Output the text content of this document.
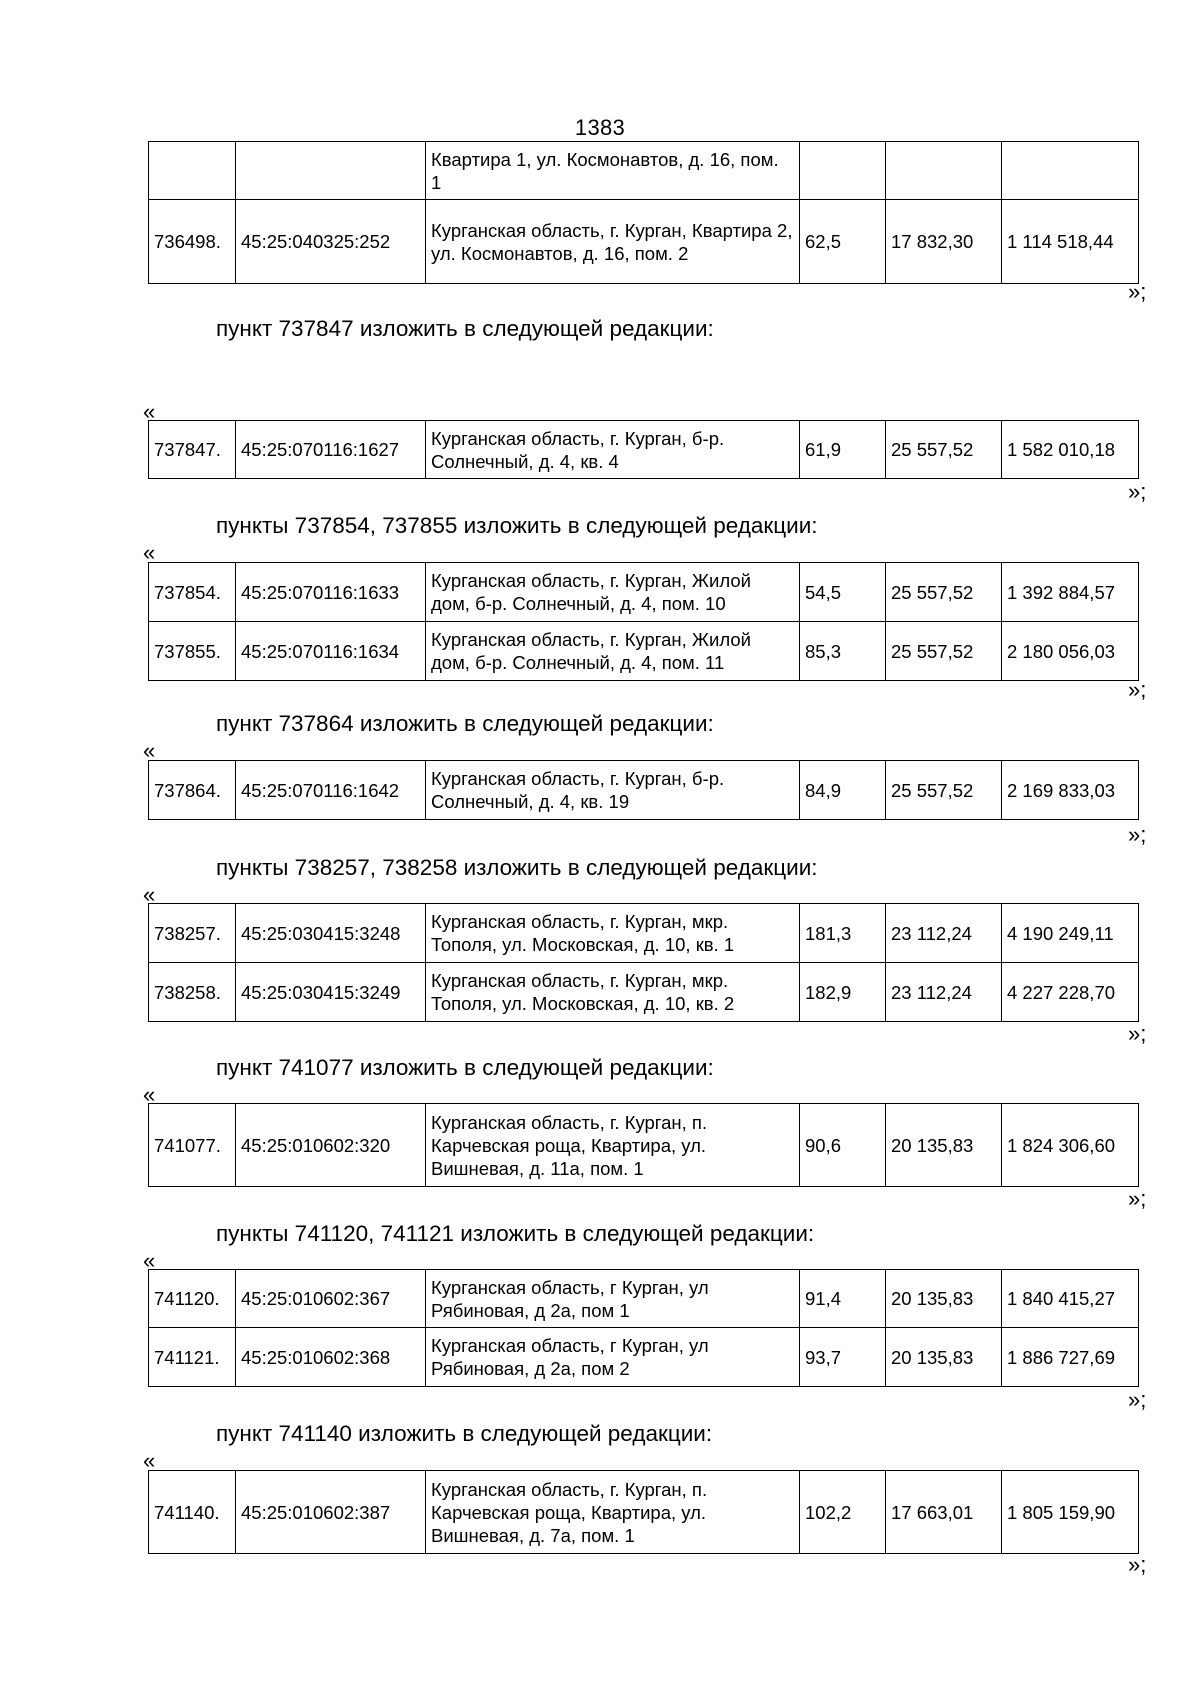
1383
		Квартира 1, ул. Космонавтов, д. 16, пом. 1			
736498.	45:25:040325:252	Курганская область, г. Курган, Квартира 2, ул. Космонавтов, д. 16, пом. 2	62,5	17 832,30	1 114 518,44
»;
пункт 737847 изложить в следующей редакции:
«
737847.	45:25:070116:1627	Курганская область, г. Курган, б-р. Солнечный, д. 4, кв. 4	61,9	25 557,52	1 582 010,18
»;
пункты 737854, 737855 изложить в следующей редакции:
«
737854.	45:25:070116:1633	Курганская область, г. Курган, Жилой дом, б-р. Солнечный, д. 4, пом. 10	54,5	25 557,52	1 392 884,57
737855.	45:25:070116:1634	Курганская область, г. Курган, Жилой дом, б-р. Солнечный, д. 4, пом. 11	85,3	25 557,52	2 180 056,03
»;
пункт 737864 изложить в следующей редакции:
«
737864.	45:25:070116:1642	Курганская область, г. Курган, б-р. Солнечный, д. 4, кв. 19	84,9	25 557,52	2 169 833,03
»;
пункты 738257, 738258 изложить в следующей редакции:
«
738257.	45:25:030415:3248	Курганская область, г. Курган, мкр. Тополя, ул. Московская, д. 10, кв. 1	181,3	23 112,24	4 190 249,11
738258.	45:25:030415:3249	Курганская область, г. Курган, мкр. Тополя, ул. Московская, д. 10, кв. 2	182,9	23 112,24	4 227 228,70
»;
пункт 741077 изложить в следующей редакции:
«
741077.	45:25:010602:320	Курганская область, г. Курган, п. Карчевская роща, Квартира, ул. Вишневая, д. 11а, пом. 1	90,6	20 135,83	1 824 306,60
»;
пункты 741120, 741121 изложить в следующей редакции:
«
741120.	45:25:010602:367	Курганская область, г Курган, ул Рябиновая, д 2а, пом 1	91,4	20 135,83	1 840 415,27
741121.	45:25:010602:368	Курганская область, г Курган, ул Рябиновая, д 2а, пом 2	93,7	20 135,83	1 886 727,69
»;
пункт 741140 изложить в следующей редакции:
«
741140.	45:25:010602:387	Курганская область, г. Курган, п. Карчевская роща, Квартира, ул. Вишневая, д. 7а, пом. 1	102,2	17 663,01	1 805 159,90
»;
